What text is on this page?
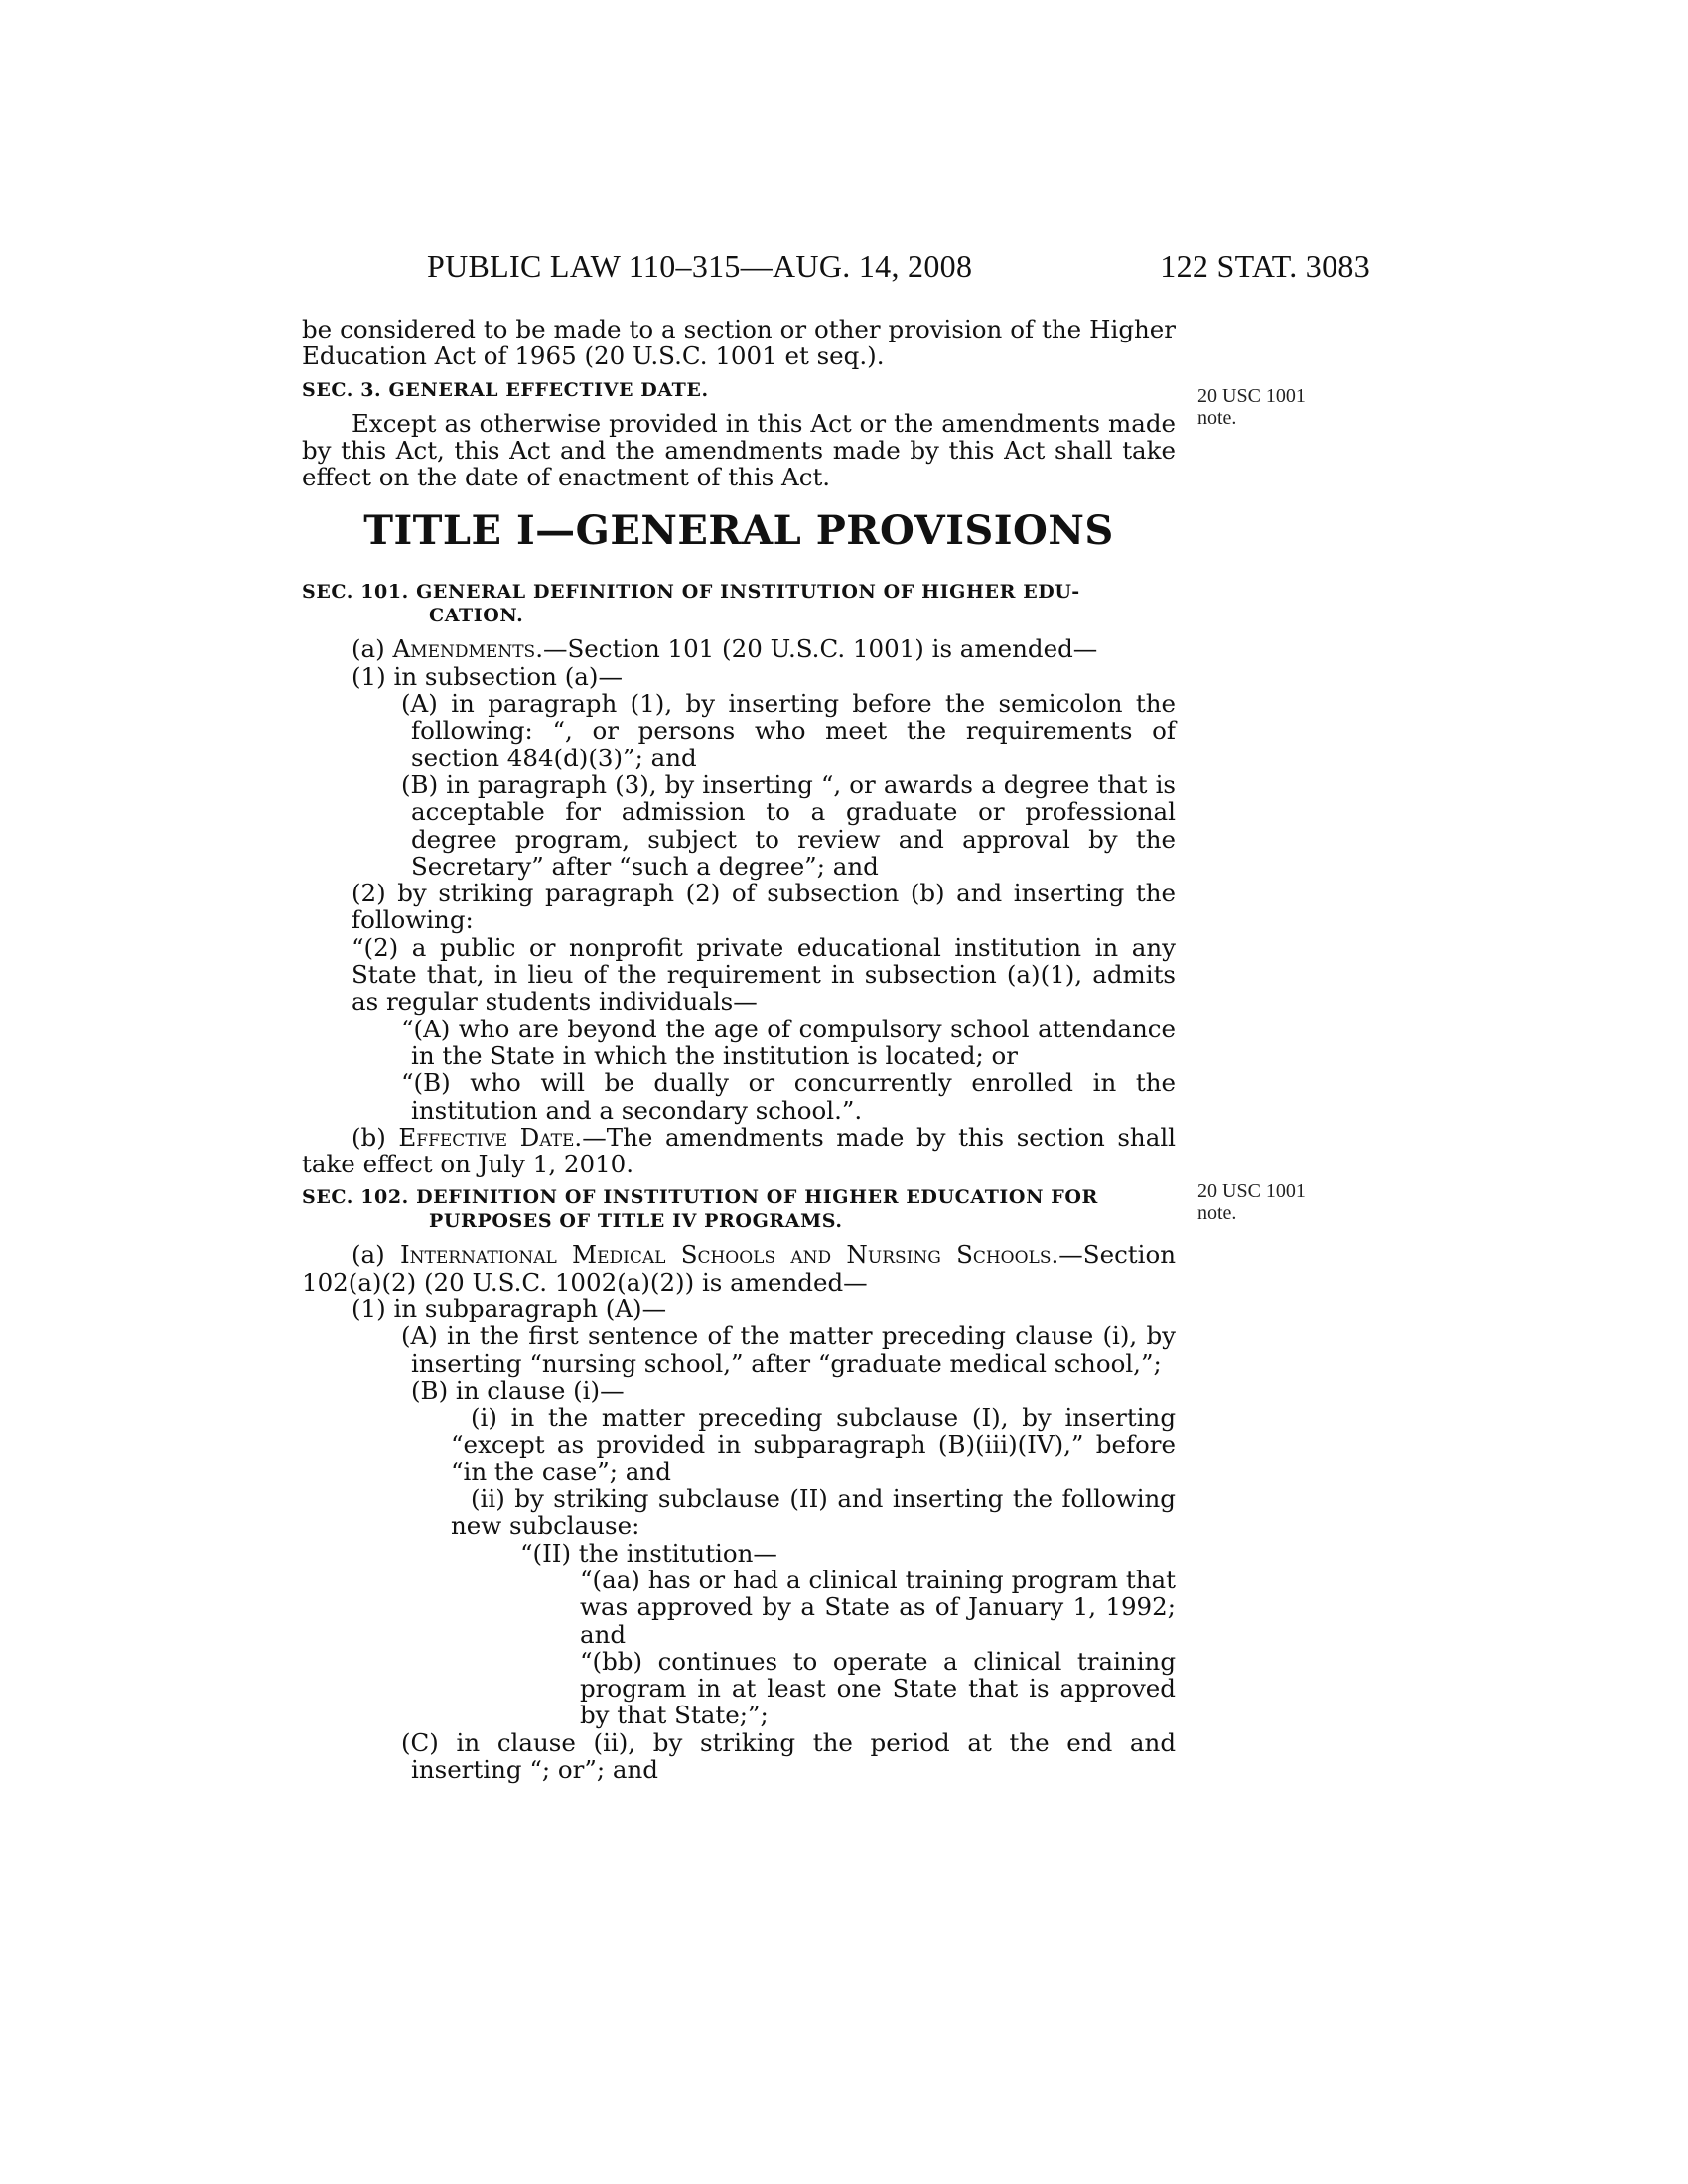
PUBLIC LAW 110–315—AUG. 14, 2008	122 STAT. 3083
20 USC 1001
note.
20 USC 1001
note.

be considered to be made to a section or other provision of the Higher Education Act of 1965 (20 U.S.C. 1001 et seq.).

SEC. 3. GENERAL EFFECTIVE DATE.

Except as otherwise provided in this Act or the amendments made by this Act, this Act and the amendments made by this Act shall take effect on the date of enactment of this Act.

TITLE I—GENERAL PROVISIONS
SEC. 101. GENERAL DEFINITION OF INSTITUTION OF HIGHER EDU-
CATION.

(a) Amendments.—Section 101 (20 U.S.C. 1001) is amended—

(1) in subsection (a)—

(A) in paragraph (1), by inserting before the semicolon the following: “, or persons who meet the requirements of section 484(d)(3)”; and

(B) in paragraph (3), by inserting “, or awards a degree that is acceptable for admission to a graduate or professional degree program, subject to review and approval by the Secretary” after “such a degree”; and

(2) by striking paragraph (2) of subsection (b) and inserting the following:

“(2) a public or nonprofit private educational institution in any State that, in lieu of the requirement in subsection (a)(1), admits as regular students individuals—

“(A) who are beyond the age of compulsory school attendance in the State in which the institution is located; or

“(B) who will be dually or concurrently enrolled in the institution and a secondary school.”.

(b) Effective Date.—The amendments made by this section shall take effect on July 1, 2010.

SEC. 102. DEFINITION OF INSTITUTION OF HIGHER EDUCATION FOR
PURPOSES OF TITLE IV PROGRAMS.

(a) International Medical Schools and Nursing Schools.—Section 102(a)(2) (20 U.S.C. 1002(a)(2)) is amended—

(1) in subparagraph (A)—

(A) in the first sentence of the matter preceding clause (i), by inserting “nursing school,” after “graduate medical school,”;

(B) in clause (i)—

(i) in the matter preceding subclause (I), by inserting “except as provided in subparagraph (B)(iii)(IV),” before “in the case”; and

(ii) by striking subclause (II) and inserting the following new subclause:

“(II) the institution—

“(aa) has or had a clinical training program that was approved by a State as of January 1, 1992; and

“(bb) continues to operate a clinical training program in at least one State that is approved by that State;”;

(C) in clause (ii), by striking the period at the end and inserting “; or”; and
